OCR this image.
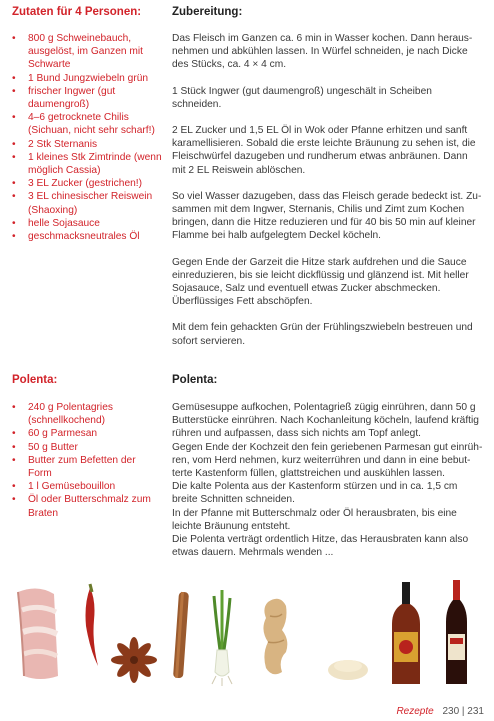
Zutaten für 4 Personen:
• 800 g Schweinebauch, ausgelöst, im Ganzen mit Schwarte
• 1 Bund Jungzwiebeln grün
• frischer Ingwer (gut daumengroß)
• 4–6 getrocknete Chilis (Sichuan, nicht sehr scharf!)
• 2 Stk Sternanis
• 1 kleines Stk Zimtrinde (wenn möglich Cassia)
• 3 EL Zucker (gestrichen!)
• 3 EL chinesischer Reiswein (Shaoxing)
• helle Sojasauce
• geschmacksneutrales Öl
Zubereitung:

Das Fleisch im Ganzen ca. 6 min in Wasser kochen. Dann herausnehmen und abkühlen lassen. In Würfel schneiden, je nach Dicke des Stücks, ca. 4 × 4 cm.

1 Stück Ingwer (gut daumengroß) ungeschält in Scheiben schneiden.

2 EL Zucker und 1,5 EL Öl in Wok oder Pfanne erhitzen und sanft karamellisieren. Sobald die erste leichte Bräunung zu sehen ist, die Fleischwürfel dazugeben und rundherum etwas anbräunen. Dann mit 2 EL Reiswein ablöschen.

So viel Wasser dazugeben, dass das Fleisch gerade bedeckt ist. Zusammen mit dem Ingwer, Sternanis, Chilis und Zimt zum Kochen bringen, dann die Hitze reduzieren und für 40 bis 50 min auf kleiner Flamme bei halb aufgelegtem Deckel köcheln.

Gegen Ende der Garzeit die Hitze stark aufdrehen und die Sauce einreduzieren, bis sie leicht dickflüssig und glänzend ist. Mit heller Sojasauce, Salz und eventuell etwas Zucker abschmecken. Überflüssiges Fett abschöpfen.

Mit dem fein gehackten Grün der Frühlingszwiebeln bestreuen und sofort servieren.

Polenta:
• 240 g Polentagries (schnellkochend)
• 60 g Parmesan
• 50 g Butter
• Butter zum Befetten der Form
• 1 l Gemüsebouillon
• Öl oder Butterschmalz zum Braten
Polenta:

Gemüsesuppe aufkochen, Polentagrieß zügig einrühren, dann 50 g Butterstücke einrühren. Nach Kochanleitung köcheln, laufend kräftig rühren und aufpassen, dass sich nichts am Topf anlegt.

Gegen Ende der Kochzeit den fein geriebenen Parmesan gut einrühren, vom Herd nehmen, kurz weiterrühren und dann in eine bebutterte Kastenform füllen, glattstreichen und auskühlen lassen.

Die kalte Polenta aus der Kastenform stürzen und in ca. 1,5 cm breite Schnitten schneiden.

In der Pfanne mit Butterschmalz oder Öl herausbraten, bis eine leichte Bräunung entsteht.

Die Polenta verträgt ordentlich Hitze, das Herausbraten kann also etwas dauern. Mehrmals wenden ...

Rezepte 230 | 231
